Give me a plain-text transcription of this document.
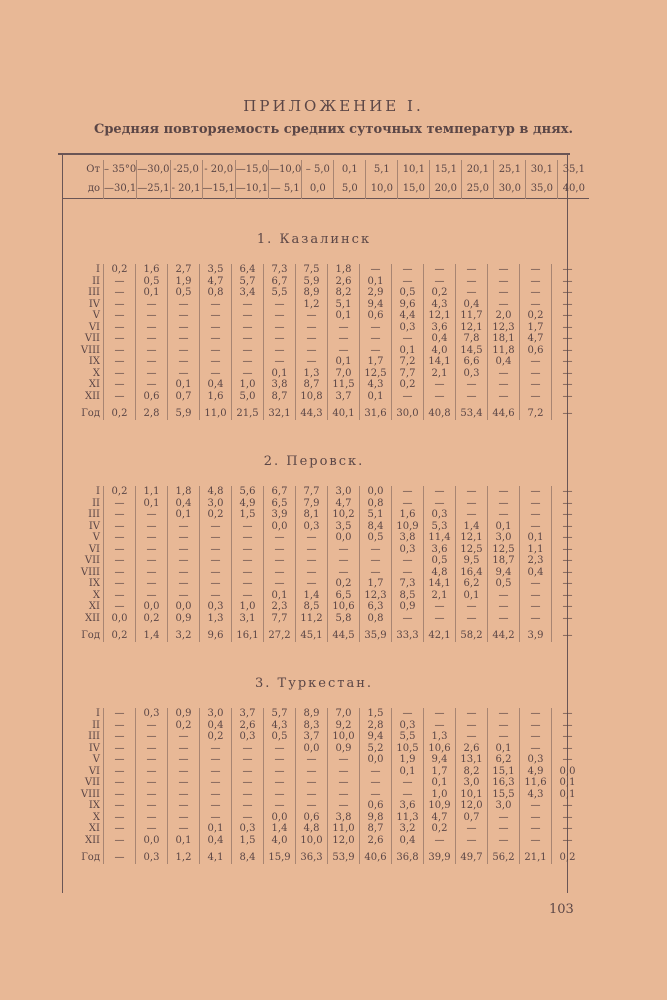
ПРИЛОЖЕНИЕ I.
Средняя повторяемость средних суточных температур в днях.
От	– 35°0	—30,0	-25,0	- 20,0	—15,0	—10,0	– 5,0	0,1	5,1	10,1	15,1	20,1	25,1	30,1	35,1
до	—30,1	—25,1	- 20,1	—15,1	—10,1	— 5,1	0,0	5,0	10,0	15,0	20,0	25,0	30,0	35,0	40,0
1. Казалинск
I	0,2	1,6	2,7	3,5	6,4	7,3	7,5	1,8	—	—	—	—	—	—	—
II	—	0,5	1,9	4,7	5,7	6,7	5,9	2,6	0,1	—	—	—	—	—	—
III	—	0,1	0,5	0,8	3,4	5,5	8,9	8,2	2,9	0,5	0,2	—	—	—	—
IV	—	—	—	—	—	—	1,2	5,1	9,4	9,6	4,3	0,4	—	—	—
V	—	—	—	—	—	—	—	0,1	0,6	4,4	12,1	11,7	2,0	0,2	—
VI	—	—	—	—	—	—	—	—	—	0,3	3,6	12,1	12,3	1,7	—
VII	—	—	—	—	—	—	—	—	—	—	0,4	7,8	18,1	4,7	—
VIII	—	—	—	—	—	—	—	—	—	0,1	4,0	14,5	11,8	0,6	—
IX	—	—	—	—	—	—	—	0,1	1,7	7,2	14,1	6,6	0,4	—	—
X	—	—	—	—	—	0,1	1,3	7,0	12,5	7,7	2,1	0,3	—	—	—
XI	—	—	0,1	0,4	1,0	3,8	8,7	11,5	4,3	0,2	—	—	—	—	—
XII	—	0,6	0,7	1,6	5,0	8,7	10,8	3,7	0,1	—	—	—	—	—	—
Год	0,2	2,8	5,9	11,0	21,5	32,1	44,3	40,1	31,6	30,0	40,8	53,4	44,6	7,2	—
2. Перовск.
I	0,2	1,1	1,8	4,8	5,6	6,7	7,7	3,0	0,0	—	—	—	—	—	—
II	—	0,1	0,4	3,0	4,9	6,5	7,9	4,7	0,8	—	—	—	—	—	—
III	—	—	0,1	0,2	1,5	3,9	8,1	10,2	5,1	1,6	0,3	—	—	—	—
IV	—	—	—	—	—	0,0	0,3	3,5	8,4	10,9	5,3	1,4	0,1	—	—
V	—	—	—	—	—	—	—	0,0	0,5	3,8	11,4	12,1	3,0	0,1	—
VI	—	—	—	—	—	—	—	—	—	0,3	3,6	12,5	12,5	1,1	—
VII	—	—	—	—	—	—	—	—	—	—	0,5	9,5	18,7	2,3	—
VIII	—	—	—	—	—	—	—	—	—	—	4,8	16,4	9,4	0,4	—
IX	—	—	—	—	—	—	—	0,2	1,7	7,3	14,1	6,2	0,5	—	—
X	—	—	—	—	—	0,1	1,4	6,5	12,3	8,5	2,1	0,1	—	—	—
XI	—	0,0	0,0	0,3	1,0	2,3	8,5	10,6	6,3	0,9	—	—	—	—	—
XII	0,0	0,2	0,9	1,3	3,1	7,7	11,2	5,8	0,8	—	—	—	—	—	—
Год	0,2	1,4	3,2	9,6	16,1	27,2	45,1	44,5	35,9	33,3	42,1	58,2	44,2	3,9	—
3. Туркестан.
I	—	0,3	0,9	3,0	3,7	5,7	8,9	7,0	1,5	—	—	—	—	—	—
II	—	—	0,2	0,4	2,6	4,3	8,3	9,2	2,8	0,3	—	—	—	—	—
III	—	—	—	0,2	0,3	0,5	3,7	10,0	9,4	5,5	1,3	—	—	—	—
IV	—	—	—	—	—	—	0,0	0,9	5,2	10,5	10,6	2,6	0,1	—	—
V	—	—	—	—	—	—	—	—	0,0	1,9	9,4	13,1	6,2	0,3	—
VI	—	—	—	—	—	—	—	—	—	0,1	1,7	8,2	15,1	4,9	0,0
VII	—	—	—	—	—	—	—	—	—	—	0,1	3,0	16,3	11,6	0,1
VIII	—	—	—	—	—	—	—	—	—	—	1,0	10,1	15,5	4,3	0,1
IX	—	—	—	—	—	—	—	—	0,6	3,6	10,9	12,0	3,0	—	—
X	—	—	—	—	—	0,0	0,6	3,8	9,8	11,3	4,7	0,7	—	—	—
XI	—	—	—	0,1	0,3	1,4	4,8	11,0	8,7	3,2	0,2	—	—	—	—
XII	—	0,0	0,1	0,4	1,5	4,0	10,0	12,0	2,6	0,4	—	—	—	—	—
Год	—	0,3	1,2	4,1	8,4	15,9	36,3	53,9	40,6	36,8	39,9	49,7	56,2	21,1	0,2
103
